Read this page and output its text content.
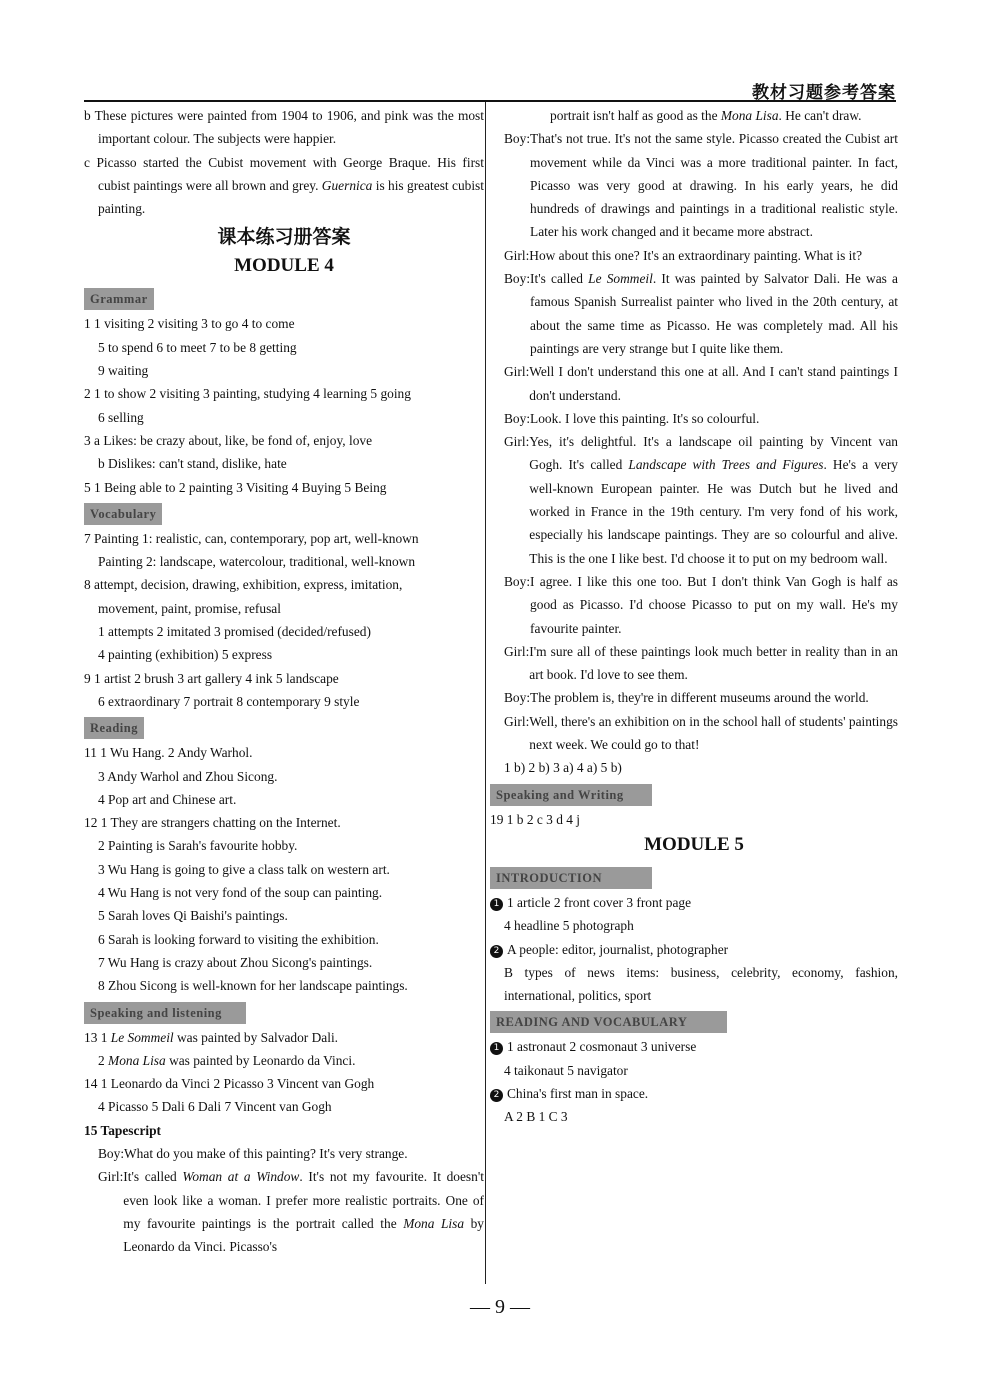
教材习题参考答案

b These pictures were painted from 1904 to 1906, and pink was the most important colour. The subjects were happier.

c Picasso started the Cubist movement with George Braque. His first cubist paintings were all brown and grey. Guernica is his greatest cubist painting.

课本练习册答案
MODULE 4
Grammar

1 1 visiting 2 visiting 3 to go 4 to come

5 to spend 6 to meet 7 to be 8 getting

9 waiting

2 1 to show 2 visiting 3 painting, studying 4 learning 5 going

6 selling

3 a Likes: be crazy about, like, be fond of, enjoy, love

b Dislikes: can't stand, dislike, hate

5 1 Being able to 2 painting 3 Visiting 4 Buying 5 Being

Vocabulary

7 Painting 1: realistic, can, contemporary, pop art, well-known

Painting 2: landscape, watercolour, traditional, well-known

8 attempt, decision, drawing, exhibition, express, imitation,

movement, paint, promise, refusal

1 attempts 2 imitated 3 promised (decided/refused)

4 painting (exhibition) 5 express

9 1 artist 2 brush 3 art gallery 4 ink 5 landscape

6 extraordinary 7 portrait 8 contemporary 9 style

Reading

11 1 Wu Hang. 2 Andy Warhol.

3 Andy Warhol and Zhou Sicong.

4 Pop art and Chinese art.

12 1 They are strangers chatting on the Internet.

2 Painting is Sarah's favourite hobby.

3 Wu Hang is going to give a class talk on western art.

4 Wu Hang is not very fond of the soup can painting.

5 Sarah loves Qi Baishi's paintings.

6 Sarah is looking forward to visiting the exhibition.

7 Wu Hang is crazy about Zhou Sicong's paintings.

8 Zhou Sicong is well-known for her landscape paintings.

Speaking and listening

13 1 Le Sommeil was painted by Salvador Dali.

2 Mona Lisa was painted by Leonardo da Vinci.

14 1 Leonardo da Vinci 2 Picasso 3 Vincent van Gogh

4 Picasso 5 Dali 6 Dali 7 Vincent van Gogh

15 Tapescript

Boy: What do you make of this painting? It's very strange.
Girl: It's called Woman at a Window. It's not my favourite. It doesn't even look like a woman. I prefer more realistic portraits. One of my favourite paintings is the portrait called the Mona Lisa by Leonardo da Vinci. Picasso's

portrait isn't half as good as the Mona Lisa. He can't draw.

Boy: That's not true. It's not the same style. Picasso created the Cubist art movement while da Vinci was a more traditional painter. In fact, Picasso was very good at drawing. In his early years, he did hundreds of drawings and paintings in a traditional realistic style. Later his work changed and it became more abstract.
Girl: How about this one? It's an extraordinary painting. What is it?
Boy: It's called Le Sommeil. It was painted by Salvator Dali. He was a famous Spanish Surrealist painter who lived in the 20th century, at about the same time as Picasso. He was completely mad. All his paintings are very strange but I quite like them.
Girl: Well I don't understand this one at all. And I can't stand paintings I don't understand.
Boy: Look. I love this painting. It's so colourful.
Girl: Yes, it's delightful. It's a landscape oil painting by Vincent van Gogh. It's called Landscape with Trees and Figures. He's a very well-known European painter. He was Dutch but he lived and worked in France in the 19th century. I'm very fond of his work, especially his landscape paintings. They are so colourful and alive. This is the one I like best. I'd choose it to put on my bedroom wall.
Boy: I agree. I like this one too. But I don't think Van Gogh is half as good as Picasso. I'd choose Picasso to put on my wall. He's my favourite painter.
Girl: I'm sure all of these paintings look much better in reality than in an art book. I'd love to see them.
Boy: The problem is, they're in different museums around the world.
Girl: Well, there's an exhibition on in the school hall of students' paintings next week. We could go to that!

1 b) 2 b) 3 a) 4 a) 5 b)

Speaking and Writing

19 1 b 2 c 3 d 4 j

MODULE 5
INTRODUCTION

1 1 article 2 front cover 3 front page

4 headline 5 photograph

2 A people: editor, journalist, photographer

B types of news items: business, celebrity, economy, fashion, international, politics, sport

READING AND VOCABULARY

1 1 astronaut 2 cosmonaut 3 universe

4 taikonaut 5 navigator

2 China's first man in space.

A 2 B 1 C 3

— 9 —
